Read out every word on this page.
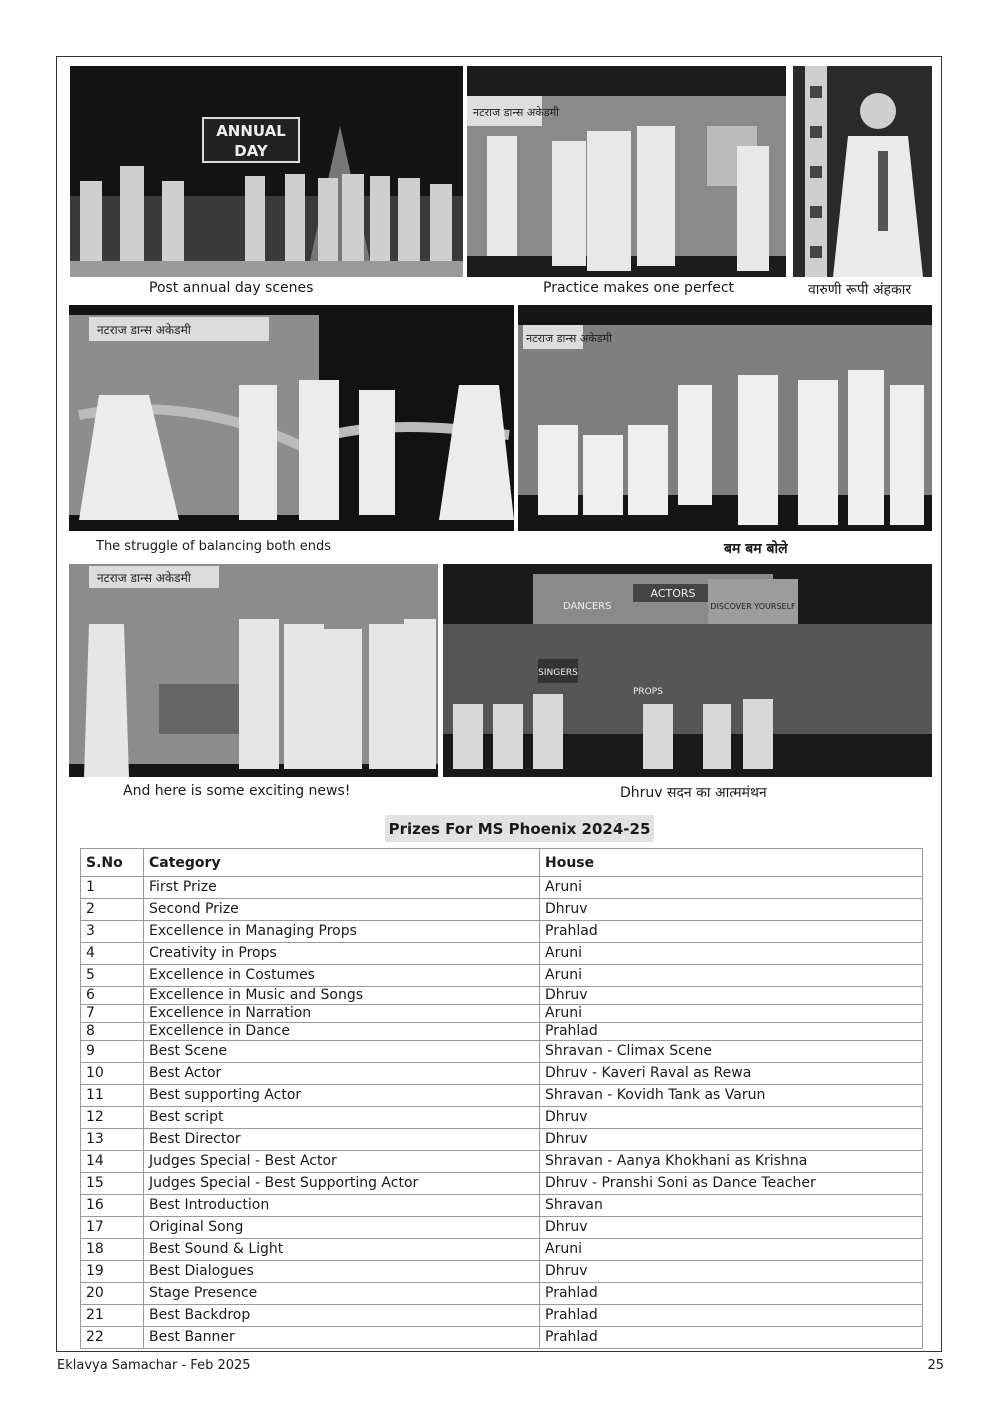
ANNUAL
DAY
नटराज डान्स अकेडमी
Post annual day scenes	Practice makes one perfect	वारुणी रूपी अंहकार
नटराज डान्स अकेडमी
नटराज डान्स अकेडमी
The struggle of balancing both ends	बम बम बोले
नटराज डान्स अकेडमी
ACTORS
DANCERS	DISCOVER YOURSELF
SINGERS
PROPS
And here is some exciting news!	Dhruv सदन का आत्ममंथन
Prizes For MS Phoenix 2024-25
S.No	Category	House
1	First Prize	Aruni
2	Second Prize	Dhruv
3	Excellence in Managing Props	Prahlad
4	Creativity in Props	Aruni
5	Excellence in Costumes	Aruni
6	Excellence in Music and Songs	Dhruv
7	Excellence in Narration	Aruni
8	Excellence in Dance	Prahlad
9	Best Scene	Shravan - Climax Scene
10	Best Actor	Dhruv - Kaveri Raval as Rewa
11	Best supporting Actor	Shravan - Kovidh Tank as Varun
12	Best script	Dhruv
13	Best Director	Dhruv
14	Judges Special - Best Actor	Shravan - Aanya Khokhani as Krishna
15	Judges Special - Best Supporting Actor	Dhruv - Pranshi Soni as Dance Teacher
16	Best Introduction	Shravan
17	Original Song	Dhruv
18	Best Sound & Light	Aruni
19	Best Dialogues	Dhruv
20	Stage Presence	Prahlad
21	Best Backdrop	Prahlad
22	Best Banner	Prahlad
Eklavya Samachar - Feb 2025	25
